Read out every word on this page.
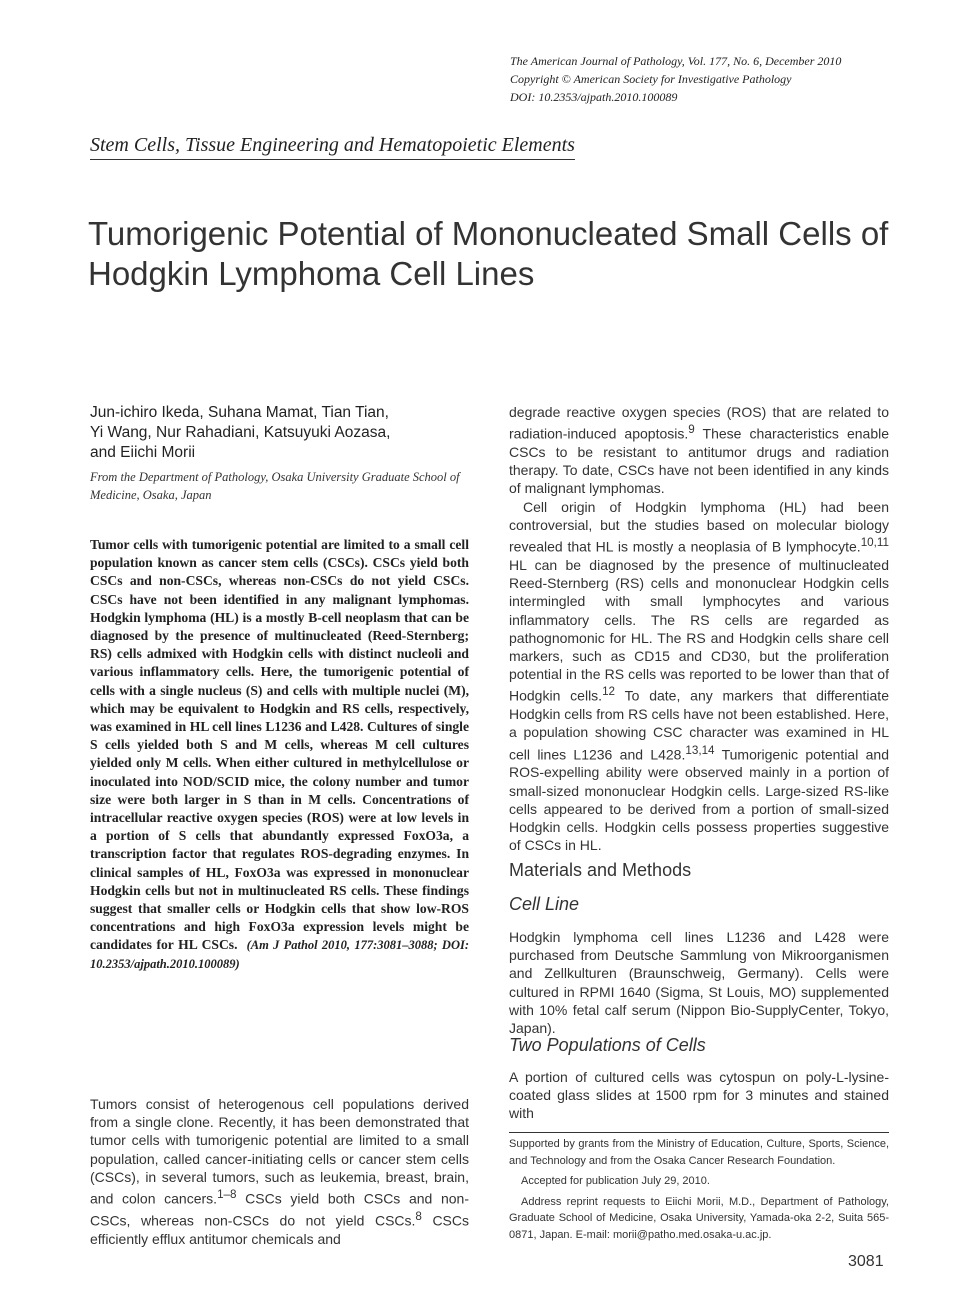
The American Journal of Pathology, Vol. 177, No. 6, December 2010
Copyright © American Society for Investigative Pathology
DOI: 10.2353/ajpath.2010.100089
Stem Cells, Tissue Engineering and Hematopoietic Elements
Tumorigenic Potential of Mononucleated Small Cells of Hodgkin Lymphoma Cell Lines
Jun-ichiro Ikeda, Suhana Mamat, Tian Tian,
Yi Wang, Nur Rahadiani, Katsuyuki Aozasa,
and Eiichi Morii
From the Department of Pathology, Osaka University Graduate School of Medicine, Osaka, Japan
Tumor cells with tumorigenic potential are limited to a small cell population known as cancer stem cells (CSCs). CSCs yield both CSCs and non-CSCs, whereas non-CSCs do not yield CSCs. CSCs have not been identified in any malignant lymphomas. Hodgkin lymphoma (HL) is a mostly B-cell neoplasm that can be diagnosed by the presence of multinucleated (Reed-Sternberg; RS) cells admixed with Hodgkin cells with distinct nucleoli and various inflammatory cells. Here, the tumorigenic potential of cells with a single nucleus (S) and cells with multiple nuclei (M), which may be equivalent to Hodgkin and RS cells, respectively, was examined in HL cell lines L1236 and L428. Cultures of single S cells yielded both S and M cells, whereas M cell cultures yielded only M cells. When either cultured in methylcellulose or inoculated into NOD/SCID mice, the colony number and tumor size were both larger in S than in M cells. Concentrations of intracellular reactive oxygen species (ROS) were at low levels in a portion of S cells that abundantly expressed FoxO3a, a transcription factor that regulates ROS-degrading enzymes. In clinical samples of HL, FoxO3a was expressed in mononuclear Hodgkin cells but not in multinucleated RS cells. These findings suggest that smaller cells or Hodgkin cells that show low-ROS concentrations and high FoxO3a expression levels might be candidates for HL CSCs. (Am J Pathol 2010, 177:3081–3088; DOI: 10.2353/ajpath.2010.100089)
Tumors consist of heterogenous cell populations derived from a single clone. Recently, it has been demonstrated that tumor cells with tumorigenic potential are limited to a small population, called cancer-initiating cells or cancer stem cells (CSCs), in several tumors, such as leukemia, breast, brain, and colon cancers.$^{1-8}$ CSCs yield both CSCs and non-CSCs, whereas non-CSCs do not yield CSCs.$^8$ CSCs efficiently efflux antitumor chemicals and

degrade reactive oxygen species (ROS) that are related to radiation-induced apoptosis.$^9$ These characteristics enable CSCs to be resistant to antitumor drugs and radiation therapy. To date, CSCs have not been identified in any kinds of malignant lymphomas.

Cell origin of Hodgkin lymphoma (HL) had been controversial, but the studies based on molecular biology revealed that HL is mostly a neoplasia of B lymphocyte.$^{10,11}$ HL can be diagnosed by the presence of multinucleated Reed-Sternberg (RS) cells and mononuclear Hodgkin cells intermingled with small lymphocytes and various inflammatory cells. The RS cells are regarded as pathognomonic for HL. The RS and Hodgkin cells share cell markers, such as CD15 and CD30, but the proliferation potential in the RS cells was reported to be lower than that of Hodgkin cells.$^{12}$ To date, any markers that differentiate Hodgkin cells from RS cells have not been established. Here, a population showing CSC character was examined in HL cell lines L1236 and L428.$^{13,14}$ Tumorigenic potential and ROS-expelling ability were observed mainly in a portion of small-sized mononuclear Hodgkin cells. Large-sized RS-like cells appeared to be derived from a portion of small-sized Hodgkin cells. Hodgkin cells possess properties suggestive of CSCs in HL.

Materials and Methods
Cell Line
Hodgkin lymphoma cell lines L1236 and L428 were purchased from Deutsche Sammlung von Mikroorganismen and Zellkulturen (Braunschweig, Germany). Cells were cultured in RPMI 1640 (Sigma, St Louis, MO) supplemented with 10% fetal calf serum (Nippon Bio-SupplyCenter, Tokyo, Japan).
Two Populations of Cells
A portion of cultured cells was cytospun on poly-L-lysine-coated glass slides at 1500 rpm for 3 minutes and stained with

Supported by grants from the Ministry of Education, Culture, Sports, Science, and Technology and from the Osaka Cancer Research Foundation.

Accepted for publication July 29, 2010.

Address reprint requests to Eiichi Morii, M.D., Department of Pathology, Graduate School of Medicine, Osaka University, Yamada-oka 2-2, Suita 565-0871, Japan. E-mail: morii@patho.med.osaka-u.ac.jp.

3081
